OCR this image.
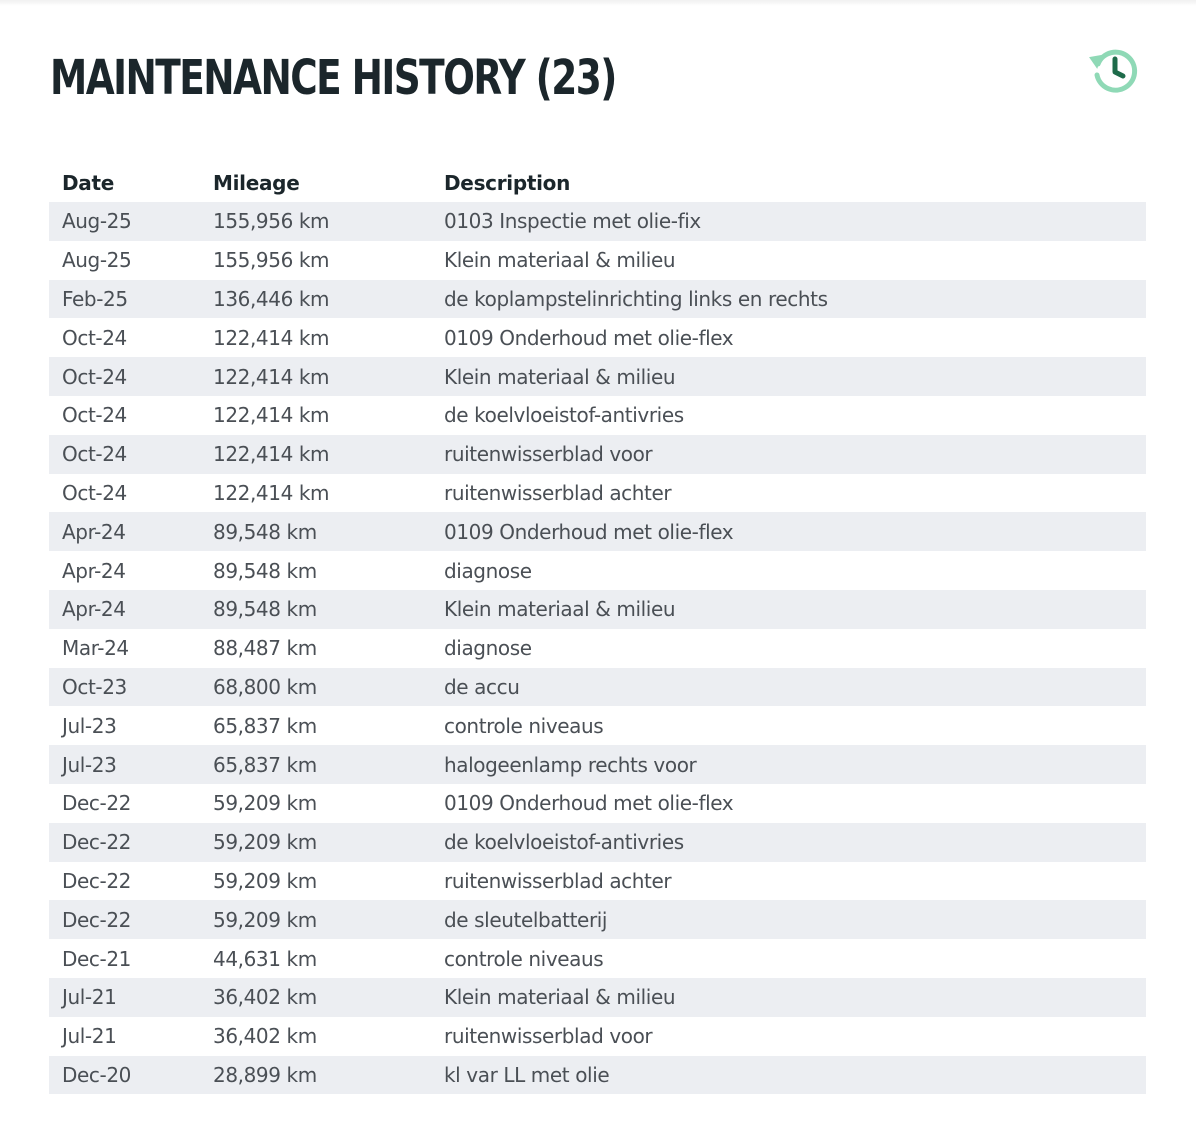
MAINTENANCE HISTORY (23)
Date	Mileage	Description
Aug-25	155,956 km	0103 Inspectie met olie-fix
Aug-25	155,956 km	Klein materiaal & milieu
Feb-25	136,446 km	de koplampstelinrichting links en rechts
Oct-24	122,414 km	0109 Onderhoud met olie-flex
Oct-24	122,414 km	Klein materiaal & milieu
Oct-24	122,414 km	de koelvloeistof-antivries
Oct-24	122,414 km	ruitenwisserblad voor
Oct-24	122,414 km	ruitenwisserblad achter
Apr-24	89,548 km	0109 Onderhoud met olie-flex
Apr-24	89,548 km	diagnose
Apr-24	89,548 km	Klein materiaal & milieu
Mar-24	88,487 km	diagnose
Oct-23	68,800 km	de accu
Jul-23	65,837 km	controle niveaus
Jul-23	65,837 km	halogeenlamp rechts voor
Dec-22	59,209 km	0109 Onderhoud met olie-flex
Dec-22	59,209 km	de koelvloeistof-antivries
Dec-22	59,209 km	ruitenwisserblad achter
Dec-22	59,209 km	de sleutelbatterij
Dec-21	44,631 km	controle niveaus
Jul-21	36,402 km	Klein materiaal & milieu
Jul-21	36,402 km	ruitenwisserblad voor
Dec-20	28,899 km	kl var LL met olie
